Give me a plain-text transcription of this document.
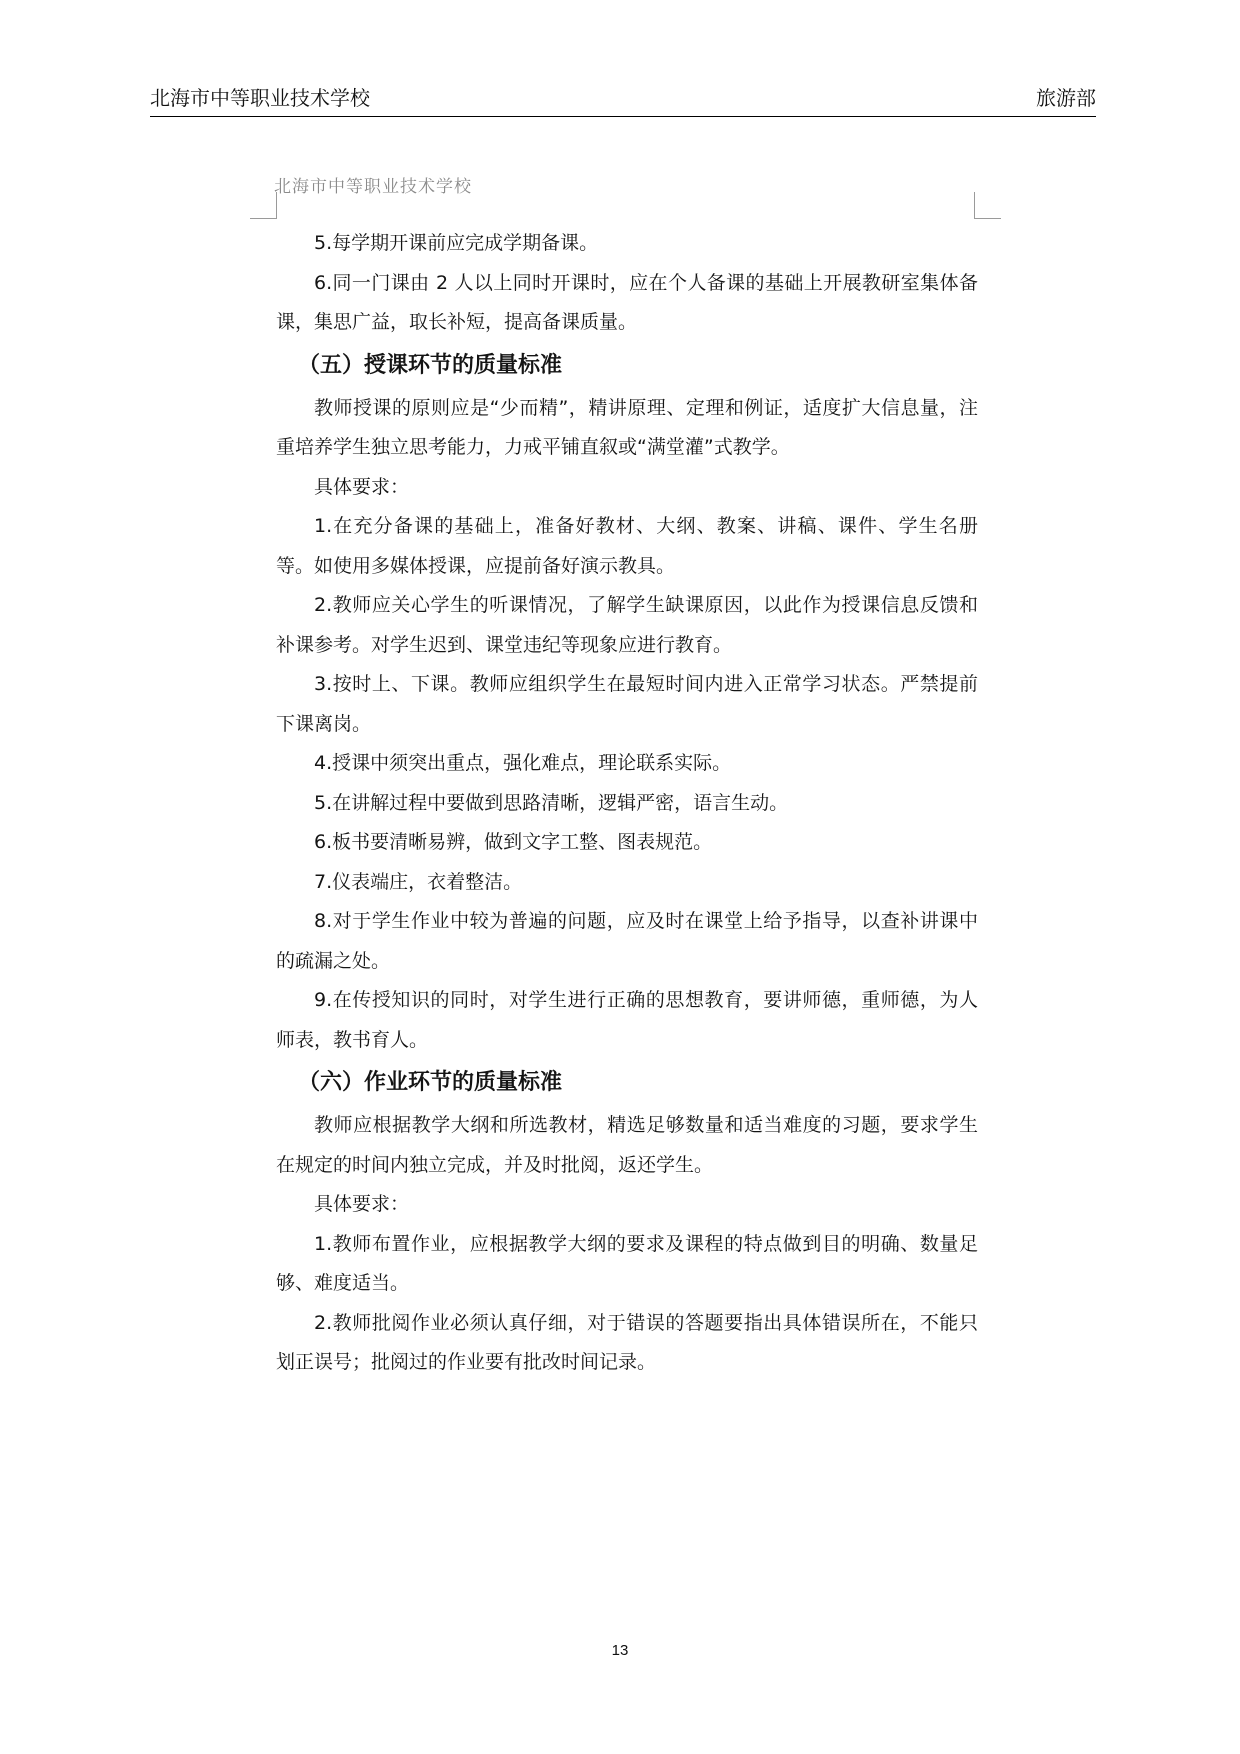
北海市中等职业技术学校	旅游部
北海市中等职业技术学校

5.每学期开课前应完成学期备课。

6.同一门课由 2 人以上同时开课时，应在个人备课的基础上开展教研室集体备课，集思广益，取长补短，提高备课质量。

（五）授课环节的质量标准

教师授课的原则应是“少而精”，精讲原理、定理和例证，适度扩大信息量，注重培养学生独立思考能力，力戒平铺直叙或“满堂灌”式教学。

具体要求：

1.在充分备课的基础上，准备好教材、大纲、教案、讲稿、课件、学生名册等。如使用多媒体授课，应提前备好演示教具。

2.教师应关心学生的听课情况，了解学生缺课原因，以此作为授课信息反馈和补课参考。对学生迟到、课堂违纪等现象应进行教育。

3.按时上、下课。教师应组织学生在最短时间内进入正常学习状态。严禁提前下课离岗。

4.授课中须突出重点，强化难点，理论联系实际。

5.在讲解过程中要做到思路清晰，逻辑严密，语言生动。

6.板书要清晰易辨，做到文字工整、图表规范。

7.仪表端庄，衣着整洁。

8.对于学生作业中较为普遍的问题，应及时在课堂上给予指导，以查补讲课中的疏漏之处。

9.在传授知识的同时，对学生进行正确的思想教育，要讲师德，重师德，为人师表，教书育人。

（六）作业环节的质量标准

教师应根据教学大纲和所选教材，精选足够数量和适当难度的习题，要求学生在规定的时间内独立完成，并及时批阅，返还学生。

具体要求：

1.教师布置作业，应根据教学大纲的要求及课程的特点做到目的明确、数量足够、难度适当。

2.教师批阅作业必须认真仔细，对于错误的答题要指出具体错误所在，不能只划正误号；批阅过的作业要有批改时间记录。

13
